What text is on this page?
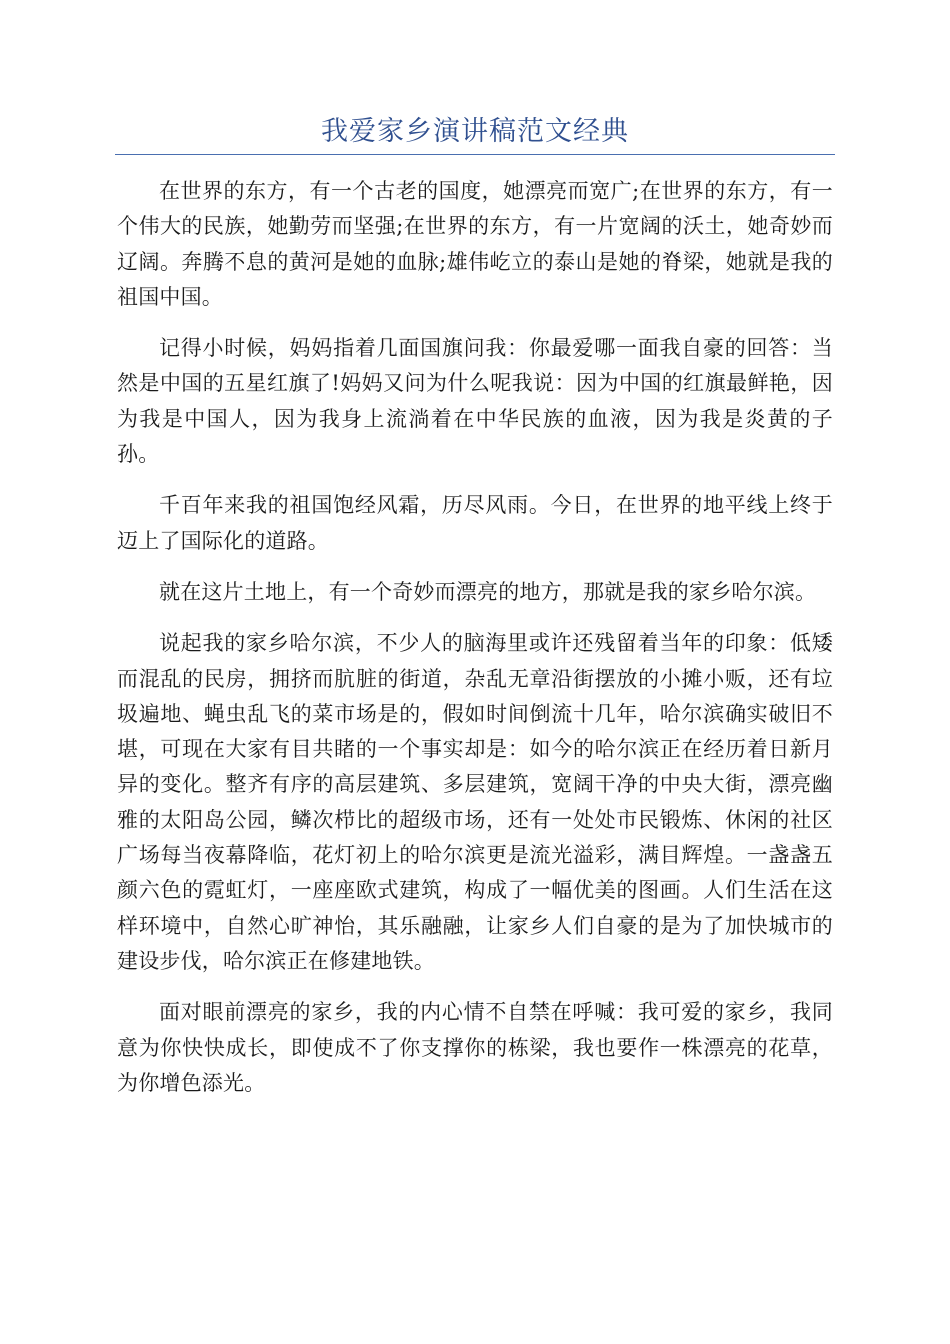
我爱家乡演讲稿范文经典

在世界的东方，有一个古老的国度，她漂亮而宽广;在世界的东方，有一个伟大的民族，她勤劳而坚强;在世界的东方，有一片宽阔的沃土，她奇妙而辽阔。奔腾不息的黄河是她的血脉;雄伟屹立的泰山是她的脊梁，她就是我的祖国中国。

记得小时候，妈妈指着几面国旗问我：你最爱哪一面我自豪的回答：当然是中国的五星红旗了!妈妈又问为什么呢我说：因为中国的红旗最鲜艳，因为我是中国人，因为我身上流淌着在中华民族的血液，因为我是炎黄的子孙。

千百年来我的祖国饱经风霜，历尽风雨。今日，在世界的地平线上终于迈上了国际化的道路。

就在这片土地上，有一个奇妙而漂亮的地方，那就是我的家乡哈尔滨。

说起我的家乡哈尔滨，不少人的脑海里或许还残留着当年的印象：低矮而混乱的民房，拥挤而肮脏的街道，杂乱无章沿街摆放的小摊小贩，还有垃圾遍地、蝇虫乱飞的菜市场是的，假如时间倒流十几年，哈尔滨确实破旧不堪，可现在大家有目共睹的一个事实却是：如今的哈尔滨正在经历着日新月异的变化。整齐有序的高层建筑、多层建筑，宽阔干净的中央大街，漂亮幽雅的太阳岛公园，鳞次栉比的超级市场，还有一处处市民锻炼、休闲的社区广场每当夜幕降临，花灯初上的哈尔滨更是流光溢彩，满目辉煌。一盏盏五颜六色的霓虹灯，一座座欧式建筑，构成了一幅优美的图画。人们生活在这样环境中，自然心旷神怡，其乐融融，让家乡人们自豪的是为了加快城市的建设步伐，哈尔滨正在修建地铁。

面对眼前漂亮的家乡，我的内心情不自禁在呼喊：我可爱的家乡，我同意为你快快成长，即使成不了你支撑你的栋梁，我也要作一株漂亮的花草，为你增色添光。
